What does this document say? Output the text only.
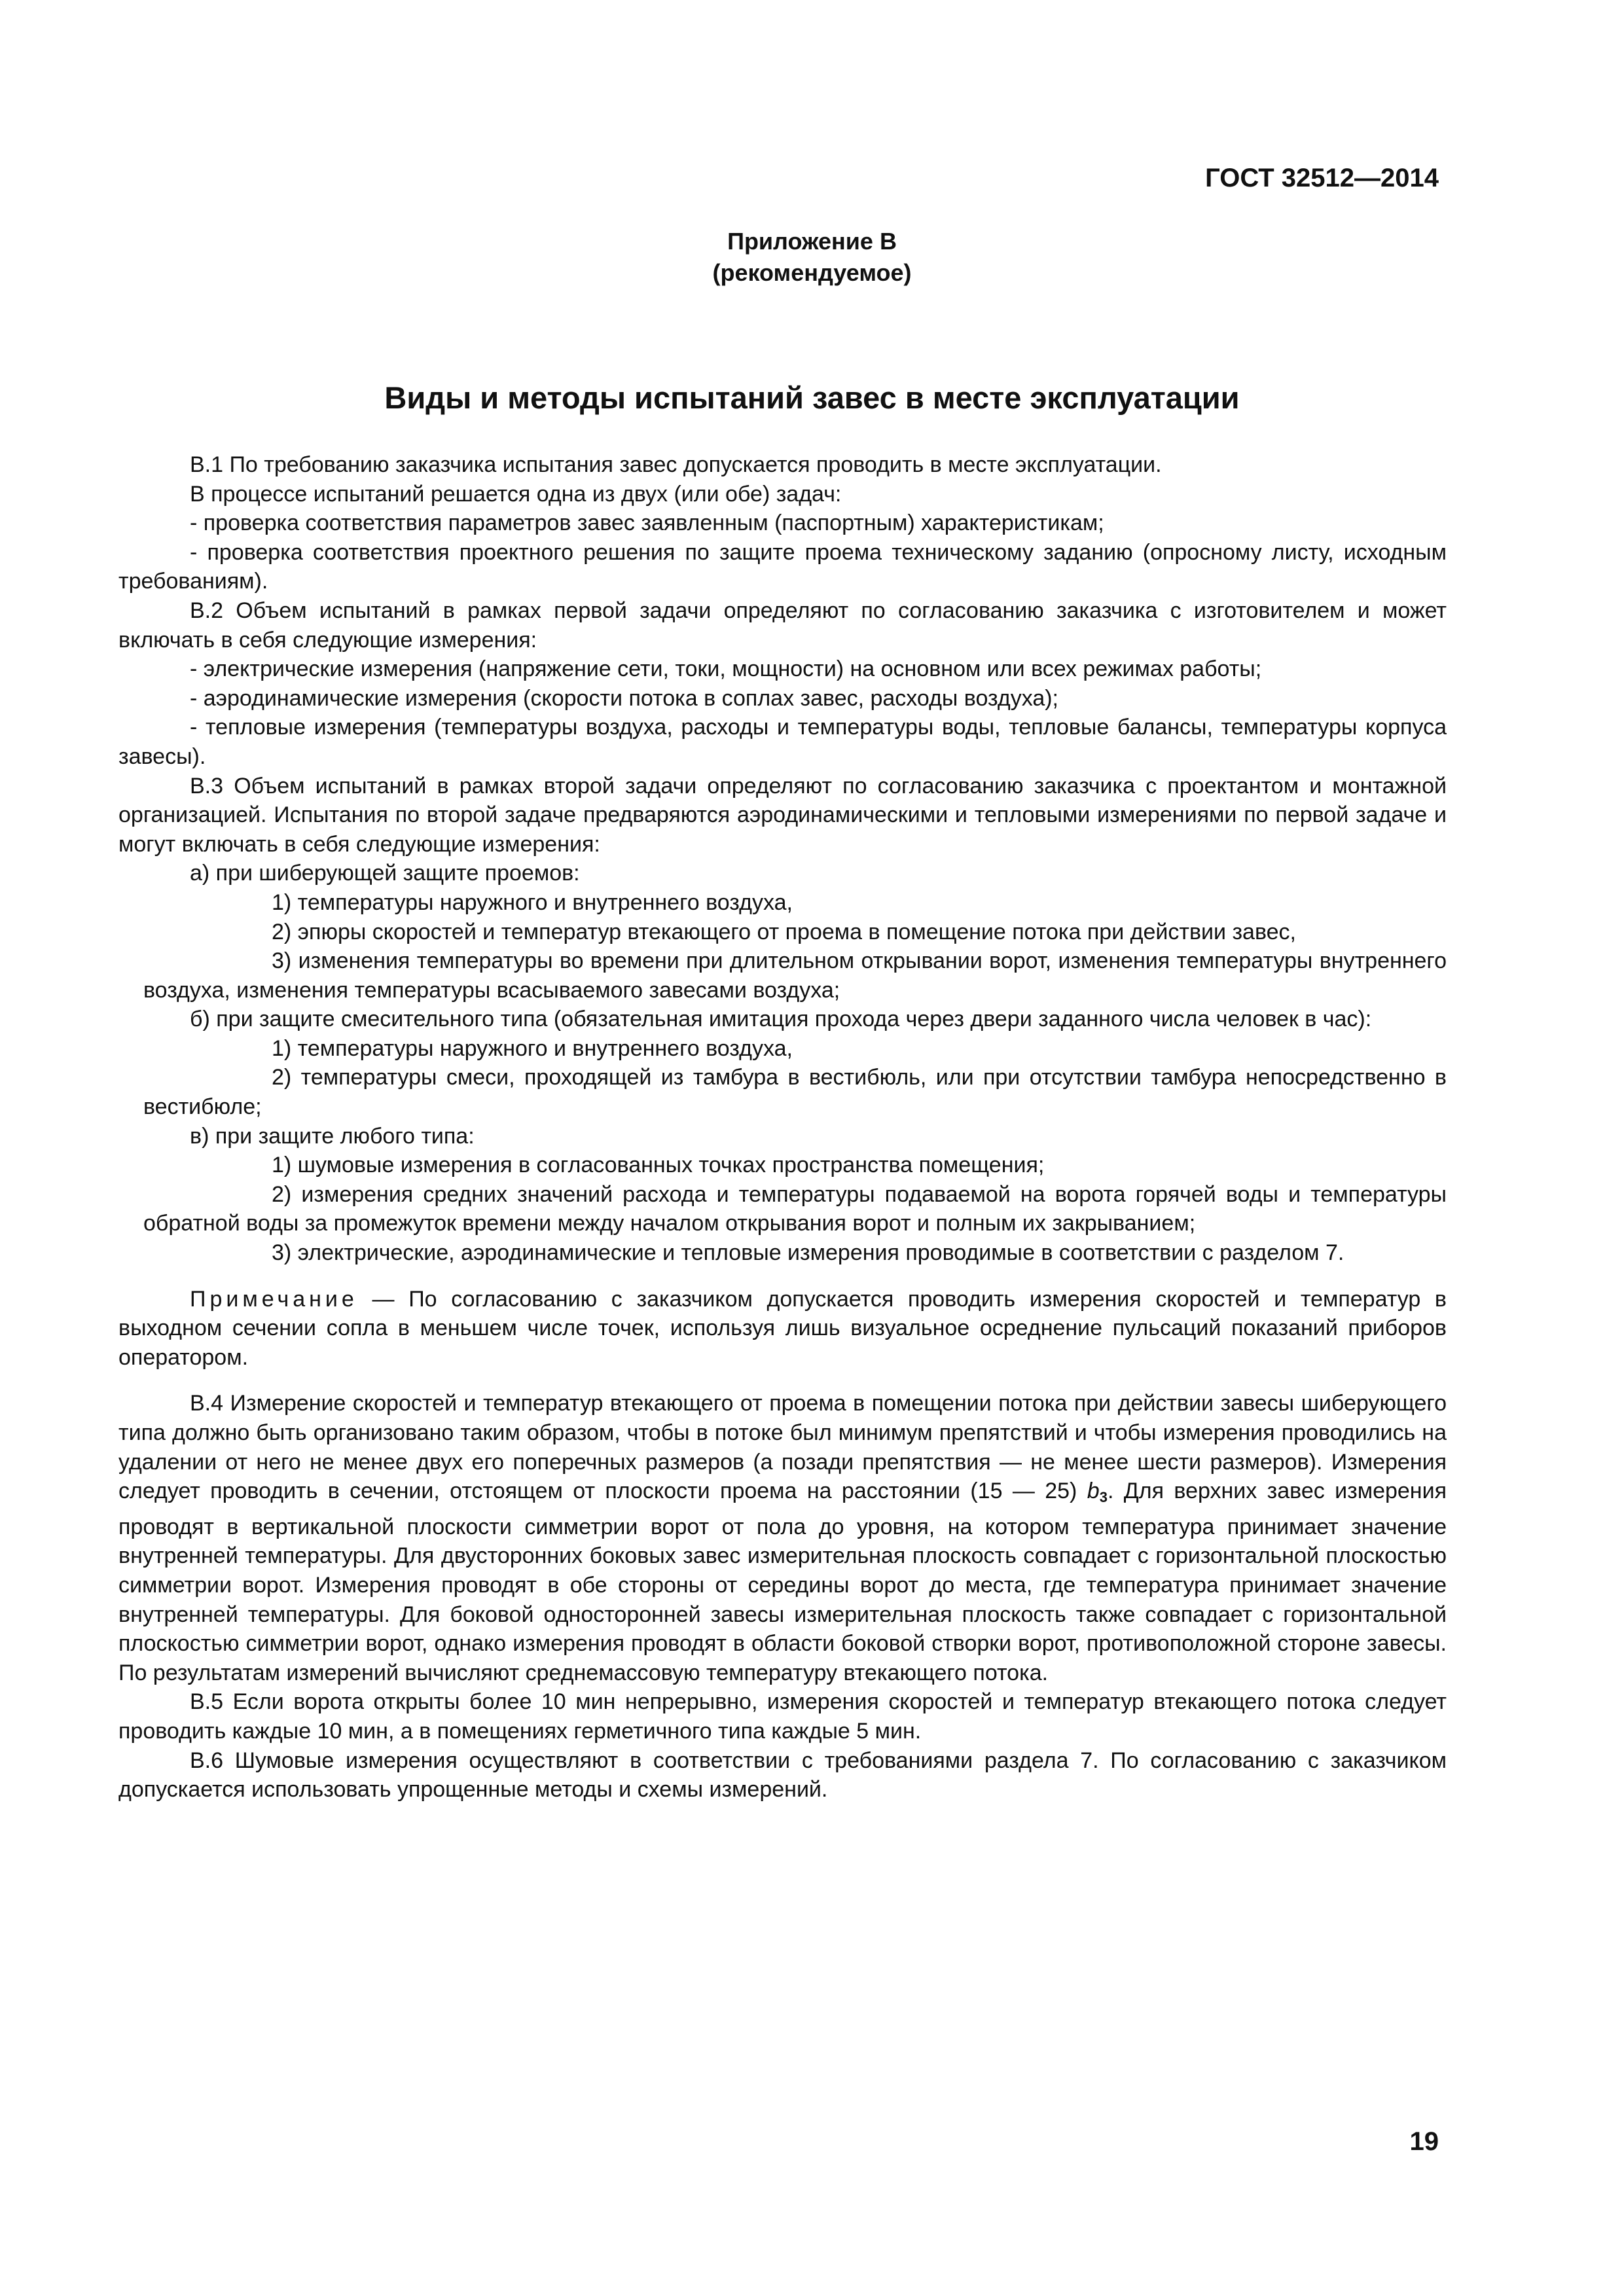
ГОСТ 32512—2014
Приложение В
(рекомендуемое)
Виды и методы испытаний завес в месте эксплуатации

В.1 По требованию заказчика испытания завес допускается проводить в месте эксплуатации.

В процессе испытаний решается одна из двух (или обе) задач:

- проверка соответствия параметров завес заявленным (паспортным) характеристикам;

- проверка соответствия проектного решения по защите проема техническому заданию (опросному листу, исходным требованиям).

В.2 Объем испытаний в рамках первой задачи определяют по согласованию заказчика с изготовителем и может включать в себя следующие измерения:

- электрические измерения (напряжение сети, токи, мощности) на основном или всех режимах работы;

- аэродинамические измерения (скорости потока в соплах завес, расходы воздуха);

- тепловые измерения (температуры воздуха, расходы и температуры воды, тепловые балансы, температуры корпуса завесы).

В.3 Объем испытаний в рамках второй задачи определяют по согласованию заказчика с проектантом и монтажной организацией. Испытания по второй задаче предваряются аэродинамическими и тепловыми измерениями по первой задаче и могут включать в себя следующие измерения:

а) при шиберующей защите проемов:

1) температуры наружного и внутреннего воздуха,

2) эпюры скоростей и температур втекающего от проема в помещение потока при действии завес,

3) изменения температуры во времени при длительном открывании ворот, изменения температуры внутреннего воздуха, изменения температуры всасываемого завесами воздуха;

б) при защите смесительного типа (обязательная имитация прохода через двери заданного числа человек в час):

1) температуры наружного и внутреннего воздуха,

2) температуры смеси, проходящей из тамбура в вестибюль, или при отсутствии тамбура непосредственно в вестибюле;

в) при защите любого типа:

1) шумовые измерения в согласованных точках пространства помещения;

2) измерения средних значений расхода и температуры подаваемой на ворота горячей воды и температуры обратной воды за промежуток времени между началом открывания ворот и полным их закрыванием;

3) электрические, аэродинамические и тепловые измерения проводимые в соответствии с разделом 7.

Примечание — По согласованию с заказчиком допускается проводить измерения скоростей и температур в выходном сечении сопла в меньшем числе точек, используя лишь визуальное осреднение пульсаций показаний приборов оператором.

В.4 Измерение скоростей и температур втекающего от проема в помещении потока при действии завесы шиберующего типа должно быть организовано таким образом, чтобы в потоке был минимум препятствий и чтобы измерения проводились на удалении от него не менее двух его поперечных размеров (а позади препятствия — не менее шести размеров). Измерения следует проводить в сечении, отстоящем от плоскости проема на расстоянии (15 — 25) $b_3$. Для верхних завес измерения проводят в вертикальной плоскости симметрии ворот от пола до уровня, на котором температура принимает значение внутренней температуры. Для двусторонних боковых завес измерительная плоскость совпадает с горизонтальной плоскостью симметрии ворот. Измерения проводят в обе стороны от середины ворот до места, где температура принимает значение внутренней температуры. Для боковой односторонней завесы измерительная плоскость также совпадает с горизонтальной плоскостью симметрии ворот, однако измерения проводят в области боковой створки ворот, противоположной стороне завесы. По результатам измерений вычисляют среднемассовую температуру втекающего потока.

В.5 Если ворота открыты более 10 мин непрерывно, измерения скоростей и температур втекающего потока следует проводить каждые 10 мин, а в помещениях герметичного типа каждые 5 мин.

В.6 Шумовые измерения осуществляют в соответствии с требованиями раздела 7. По согласованию с заказчиком допускается использовать упрощенные методы и схемы измерений.

19
